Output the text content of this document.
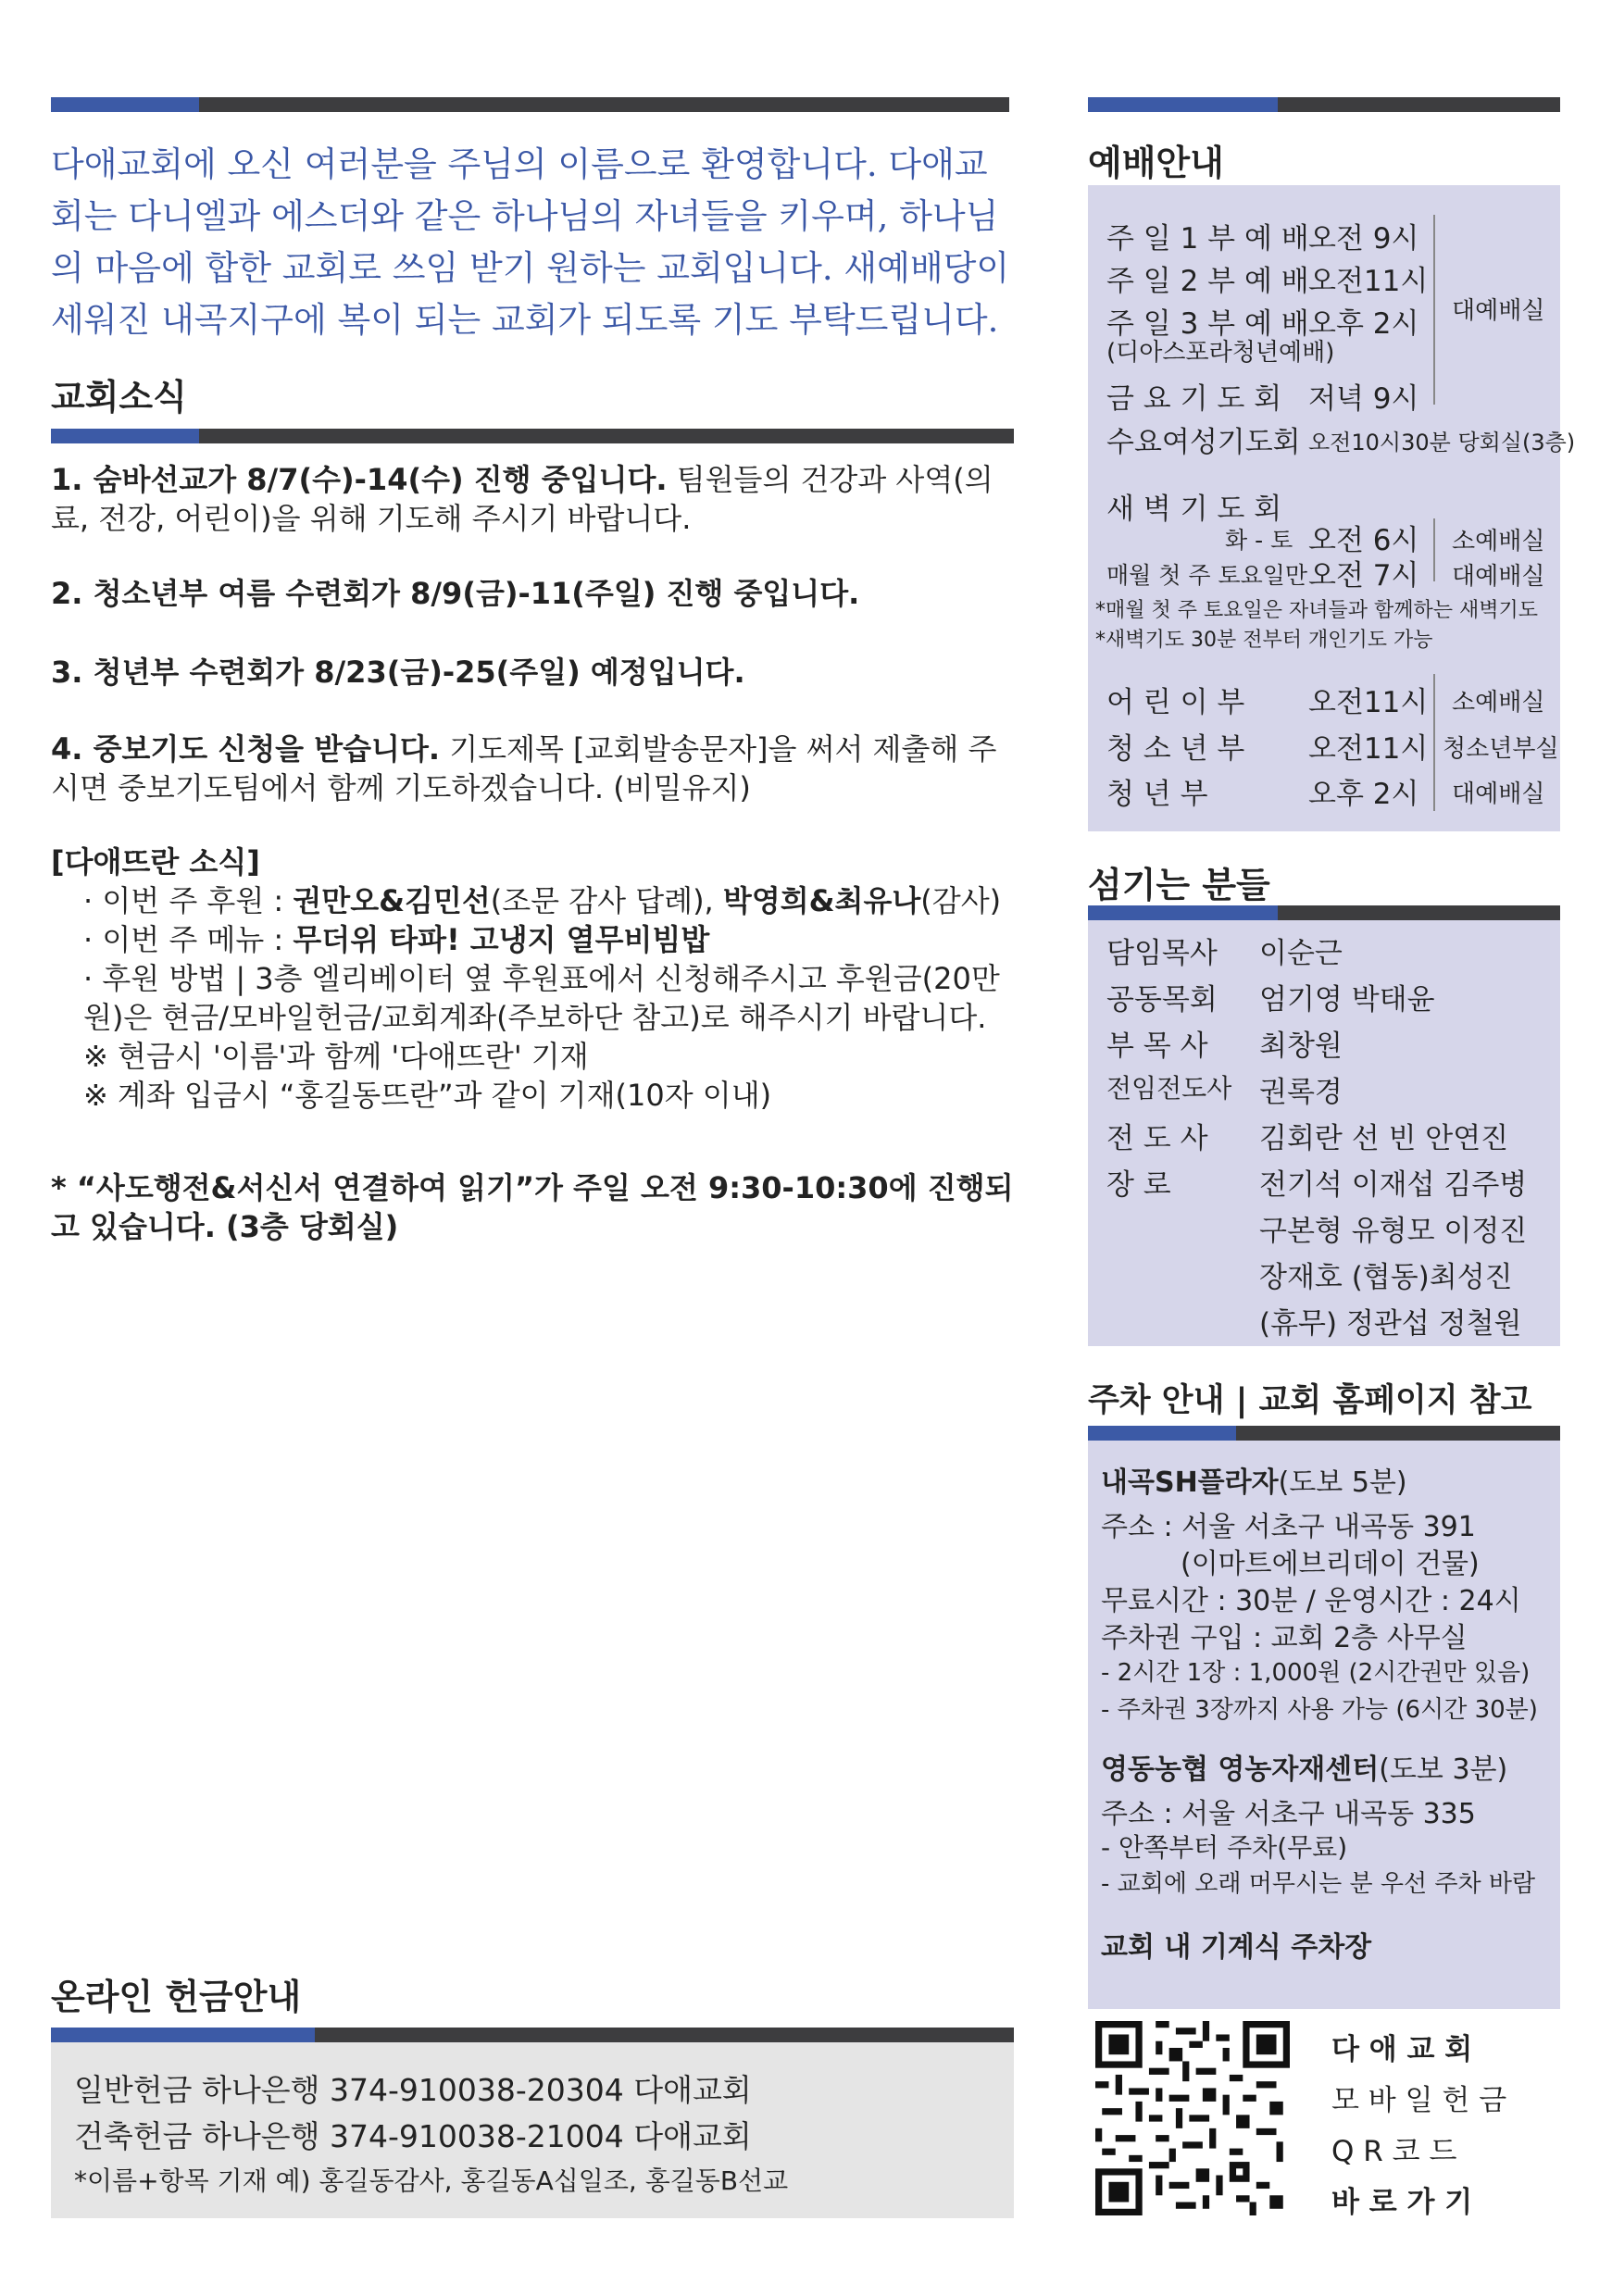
다애교회에 오신 여러분을 주님의 이름으로 환영합니다. 다애교회는 다니엘과 에스더와 같은 하나님의 자녀들을 키우며, 하나님의 마음에 합한 교회로 쓰임 받기 원하는 교회입니다. 새예배당이 세워진 내곡지구에 복이 되는 교회가 되도록 기도 부탁드립니다.

교회소식

1. 숨바선교가 8/7(수)-14(수) 진행 중입니다. 팀원들의 건강과 사역(의료, 전강, 어린이)을 위해 기도해 주시기 바랍니다.

2. 청소년부 여름 수련회가 8/9(금)-11(주일) 진행 중입니다.

3. 청년부 수련회가 8/23(금)-25(주일) 예정입니다.

4. 중보기도 신청을 받습니다. 기도제목 [교회발송문자]을 써서 제출해 주시면 중보기도팀에서 함께 기도하겠습니다. (비밀유지)

[다애뜨란 소식]

· 이번 주 후원 : 권만오&김민선(조문 감사 답례), 박영희&최유나(감사)

· 이번 주 메뉴 : 무더위 타파! 고냉지 열무비빔밥

· 후원 방법 | 3층 엘리베이터 옆 후원표에서 신청해주시고 후원금(20만원)은 현금/모바일헌금/교회계좌(주보하단 참고)로 해주시기 바랍니다.

※ 현금시 '이름'과 함께 '다애뜨란' 기재

※ 계좌 입금시 “홍길동뜨란”과 같이 기재(10자 이내)

* “사도행전&서신서 연결하여 읽기”가 주일 오전 9:30-10:30에 진행되고 있습니다. (3층 당회실)

온라인 헌금안내
일반헌금 하나은행 374-910038-20304 다애교회
건축헌금 하나은행 374-910038-21004 다애교회
*이름+항목 기재 예) 홍길동감사, 홍길동A십일조, 홍길동B선교
예배안내
주 일 1 부 예 배 오전 9시
주 일 2 부 예 배 오전11시
주 일 3 부 예 배 오후 2시
(디아스포라청년예배)
대예배실
금 요 기 도 회 저녁 9시
수요여성기도회 오전10시30분 당회실(3층)
새 벽 기 도 회
화 - 토 오전 6시 소예배실
매월 첫 주 토요일만 오전 7시 대예배실
*매월 첫 주 토요일은 자녀들과 함께하는 새벽기도
*새벽기도 30분 전부터 개인기도 가능
어 린 이 부 오전11시 소예배실
청 소 년 부 오전11시 청소년부실
청 년 부	오후 2시 대예배실
섬기는 분들
담임목사 이순근
공동목회 엄기영 박태윤
부 목 사 최창원
전임전도사 권록경
전 도 사 김회란 선 빈 안연진
장 로	전기석 이재섭 김주병
구본형 유형모 이정진
장재호 (협동)최성진
(휴무) 정관섭 정철원
주차 안내 | 교회 홈페이지 참고
내곡SH플라자(도보 5분)
주소 : 서울 서초구 내곡동 391
(이마트에브리데이 건물)
무료시간 : 30분 / 운영시간 : 24시
주차권 구입 : 교회 2층 사무실
- 2시간 1장 : 1,000원 (2시간권만 있음)
- 주차권 3장까지 사용 가능 (6시간 30분)
영동농협 영농자재센터(도보 3분)
주소 : 서울 서초구 내곡동 335
- 안쪽부터 주차(무료)
- 교회에 오래 머무시는 분 우선 주차 바람
교회 내 기계식 주차장
다 애 교 회
모 바 일 헌 금
Q R 코 드
바 로 가 기
